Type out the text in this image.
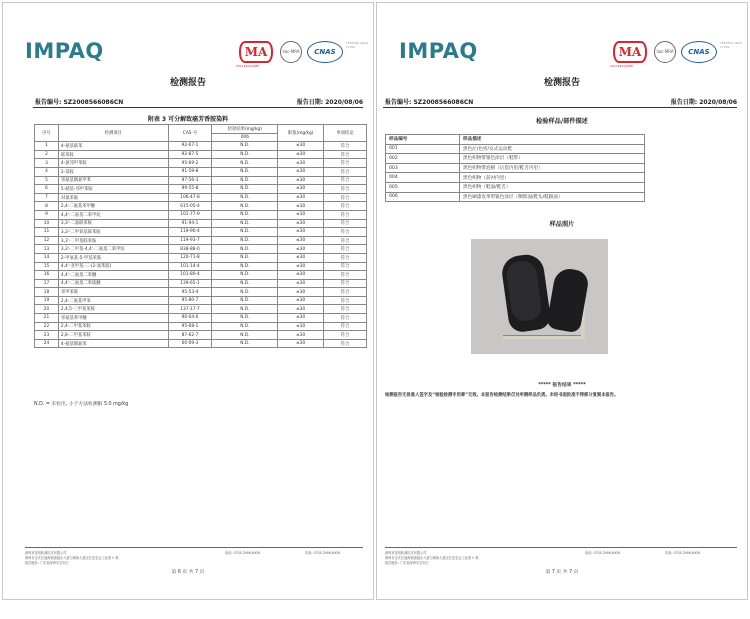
IMPAQ	MA
201719011986
ilac-MRA	CNAS
TESTING CNAS L7950
检测报告
报告编号: SZ2008566086CN	报告日期: 2020/08/06
附表 3 可分解致癌芳香胺染料
序号	检测项目	CAS 号	检验结果(mg/kg)	限值(mg/kg)	单项结论
			006		
1	4-氨基联苯	92-67-1	N.D.	≤30	符合
2	联苯胺	92-87-5	N.D.	≤30	符合
3	4-氯邻甲苯胺	95-69-2	N.D.	≤30	符合
4	2-萘胺	91-59-8	N.D.	≤30	符合
5	邻氨基偶氮甲苯	97-56-3	N.D.	≤30	符合
6	5-硝基-邻甲苯胺	99-55-8	N.D.	≤30	符合
7	对氯苯胺	106-47-8	N.D.	≤30	符合
8	2,4-二氨基苯甲醚	615-05-4	N.D.	≤30	符合
9	4,4'-二氨基二苯甲烷	101-77-9	N.D.	≤30	符合
10	3,3'-二氯联苯胺	91-94-1	N.D.	≤30	符合
11	3,3'-二甲氧基联苯胺	119-90-4	N.D.	≤30	符合
12	3,3'-二甲基联苯胺	119-93-7	N.D.	≤30	符合
13	3,3'-二甲基-4,4'-二氨基二苯甲烷	838-88-0	N.D.	≤30	符合
14	2-甲氧基-5-甲基苯胺	120-71-8	N.D.	≤30	符合
15	4,4'-亚甲基-二-(2-氯苯胺)	101-14-4	N.D.	≤30	符合
16	4,4'-二氨基二苯醚	101-80-4	N.D.	≤30	符合
17	4,4'-二氨基二苯硫醚	139-65-1	N.D.	≤30	符合
18	邻甲苯胺	95-53-4	N.D.	≤30	符合
19	2,4-二氨基甲苯	95-80-7	N.D.	≤30	符合
20	2,4,5-三甲基苯胺	137-17-7	N.D.	≤30	符合
21	邻氨基苯甲醚	90-04-0	N.D.	≤30	符合
22	2,4-二甲基苯胺	95-68-1	N.D.	≤30	符合
23	2,6-二甲基苯胺	87-62-7	N.D.	≤30	符合
24	4-氨基偶氮苯	60-09-3	N.D.	≤30	符合
N.D. = 未检出, 小于方法检测限 5.0 mg/kg
深圳市英柏检测技术有限公司
深圳市宝安区福海街道福永大道与新和大道交汇处宏达工业园 C 栋
报告服务: 广东省深圳市宝安区
电话: 0755-2906-6930	传真: 0755-2906-6930
第 6 页 共 7 页
IMPAQ	MA
201719011986
ilac-MRA	CNAS
TESTING CNAS L7950
检测报告
报告编号: SZ2008566086CN	报告日期: 2020/08/06
检验样品/部件描述
样品编号	样品描述
001	黑色/白色男/女式运动鞋
002	黑色织物带银色涂层（鞋带）
003	黑色织物带泡棉（后套内里/鞋舌内里）
004	黑色织物（前衬内里）
005	黑色织物（鞋面/鞋舌）
006	黑色刷漆皮革带银色涂层（侧饰面/鞋头/鞋跟面）
样品照片
***** 报告结束 *****
检测报告无批准人签字及“检验检测专用章”无效。本报告检测结果仅对所测样品负责。未经书面批准不得部分复制本报告。
深圳市英柏检测技术有限公司
深圳市宝安区福海街道福永大道与新和大道交汇处宏达工业园 C 栋
报告服务: 广东省深圳市宝安区
电话: 0755-2906-6930	传真: 0755-2906-6930
第 7 页 共 7 页
